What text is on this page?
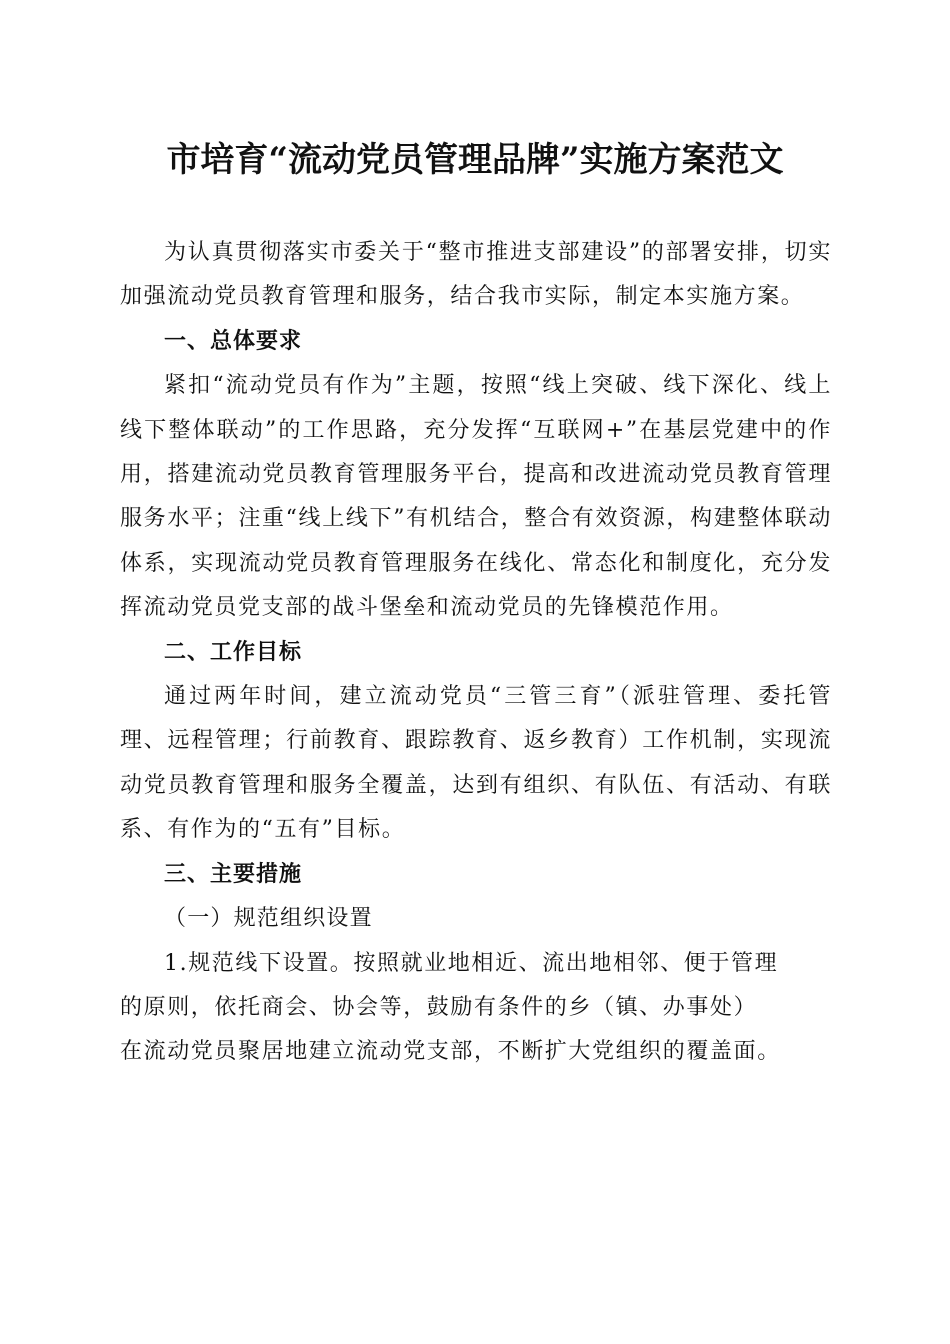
市培育“流动党员管理品牌”实施方案范文

为认真贯彻落实市委关于“整市推进支部建设”的部署安排，切实加强流动党员教育管理和服务，结合我市实际，制定本实施方案。

一、总体要求

紧扣“流动党员有作为”主题，按照“线上突破、线下深化、线上线下整体联动”的工作思路，充分发挥“互联网+”在基层党建中的作用，搭建流动党员教育管理服务平台，提高和改进流动党员教育管理服务水平；注重“线上线下”有机结合，整合有效资源，构建整体联动体系，实现流动党员教育管理服务在线化、常态化和制度化，充分发挥流动党员党支部的战斗堡垒和流动党员的先锋模范作用。

二、工作目标

通过两年时间，建立流动党员“三管三育”（派驻管理、委托管理、远程管理；行前教育、跟踪教育、返乡教育）工作机制，实现流动党员教育管理和服务全覆盖，达到有组织、有队伍、有活动、有联系、有作为的“五有”目标。

三、主要措施

（一）规范组织设置

1.规范线下设置。按照就业地相近、流出地相邻、便于管理

的原则，依托商会、协会等，鼓励有条件的乡（镇、办事处）

在流动党员聚居地建立流动党支部，不断扩大党组织的覆盖面。
